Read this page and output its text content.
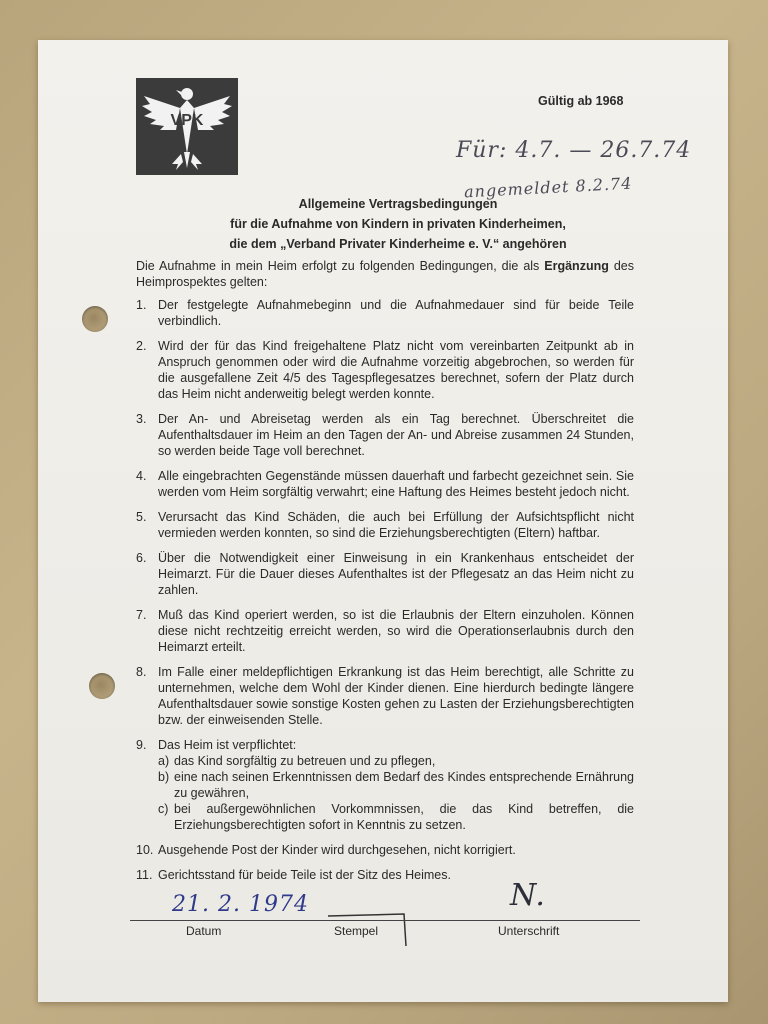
VPK
Gültig ab 1968
Für: 4.7. — 26.7.74
angemeldet 8.2.74
Allgemeine Vertragsbedingungen
für die Aufnahme von Kindern in privaten Kinderheimen,
die dem „Verband Privater Kinderheime e. V.“ angehören
Die Aufnahme in mein Heim erfolgt zu folgenden Bedingungen, die als Ergänzung des Heimprospektes gelten:
1. Der festgelegte Aufnahmebeginn und die Aufnahmedauer sind für beide Teile verbindlich.
2. Wird der für das Kind freigehaltene Platz nicht vom vereinbarten Zeitpunkt ab in Anspruch genommen oder wird die Aufnahme vorzeitig abgebrochen, so werden für die ausgefallene Zeit 4/5 des Tagespflegesatzes berechnet, sofern der Platz durch das Heim nicht anderweitig belegt werden konnte.
3. Der An- und Abreisetag werden als ein Tag berechnet. Überschreitet die Aufenthaltsdauer im Heim an den Tagen der An- und Abreise zusammen 24 Stunden, so werden beide Tage voll berechnet.
4. Alle eingebrachten Gegenstände müssen dauerhaft und farbecht gezeichnet sein. Sie werden vom Heim sorgfältig verwahrt; eine Haftung des Heimes besteht jedoch nicht.
5. Verursacht das Kind Schäden, die auch bei Erfüllung der Aufsichtspflicht nicht vermieden werden konnten, so sind die Erziehungsberechtigten (Eltern) haftbar.
6. Über die Notwendigkeit einer Einweisung in ein Krankenhaus entscheidet der Heimarzt. Für die Dauer dieses Aufenthaltes ist der Pflegesatz an das Heim nicht zu zahlen.
7. Muß das Kind operiert werden, so ist die Erlaubnis der Eltern einzuholen. Können diese nicht rechtzeitig erreicht werden, so wird die Operationserlaubnis durch den Heimarzt erteilt.
8. Im Falle einer meldepflichtigen Erkrankung ist das Heim berechtigt, alle Schritte zu unternehmen, welche dem Wohl der Kinder dienen. Eine hierdurch bedingte längere Aufenthaltsdauer sowie sonstige Kosten gehen zu Lasten der Erziehungsberechtigten bzw. der einweisenden Stelle.
9. Das Heim ist verpflichtet:
a) das Kind sorgfältig zu betreuen und zu pflegen,
b) eine nach seinen Erkenntnissen dem Bedarf des Kindes entsprechende Ernährung zu gewähren,
c) bei außergewöhnlichen Vorkommnissen, die das Kind betreffen, die Erziehungsberechtigten sofort in Kenntnis zu setzen.
10. Ausgehende Post der Kinder wird durchgesehen, nicht korrigiert.
11. Gerichtsstand für beide Teile ist der Sitz des Heimes.
21. 2. 1974	N.
Datum	Stempel	Unterschrift
